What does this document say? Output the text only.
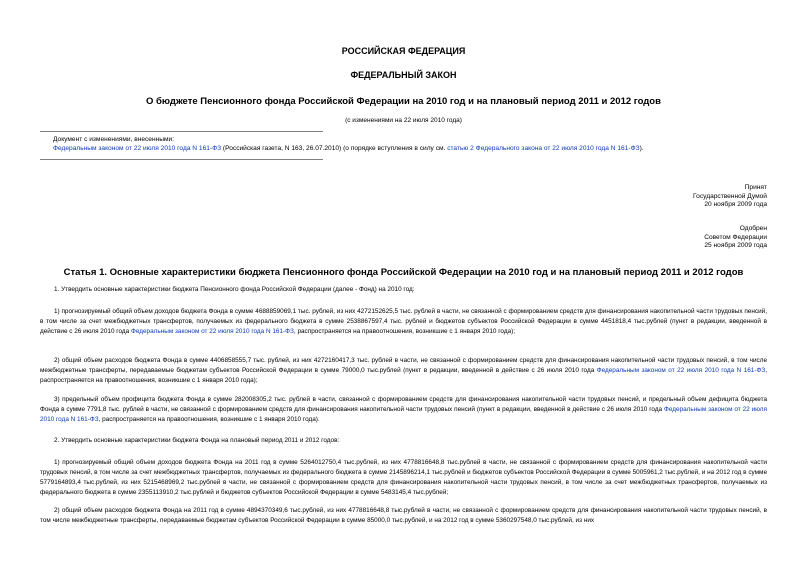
РОССИЙСКАЯ ФЕДЕРАЦИЯ

ФЕДЕРАЛЬНЫЙ ЗАКОН

О бюджете Пенсионного фонда Российской Федерации на 2010 год и на плановый период 2011 и 2012 годов

(с изменениями на 22 июля 2010 года)

Документ с изменениями, внесенными:

Федеральным законом от 22 июля 2010 года N 161-ФЗ (Российская газета, N 163, 26.07.2010) (о порядке вступления в силу см. статью 2 Федерального закона от 22 июля 2010 года N 161-ФЗ).

Принят
Государственной Думой
20 ноября 2009 года
Одобрен
Советом Федерации
25 ноября 2009 года

Статья 1. Основные характеристики бюджета Пенсионного фонда Российской Федерации на 2010 год и на плановый период 2011 и 2012 годов

1. Утвердить основные характеристики бюджета Пенсионного фонда Российской Федерации (далее - Фонд) на 2010 год:

1) прогнозируемый общий объем доходов бюджета Фонда в сумме 4688859069,1 тыс. рублей, из них 4272152625,5 тыс. рублей в части, не связанной с формированием средств для финансирования накопительной части трудовых пенсий, в том числе за счет межбюджетных трансфертов, получаемых из федерального бюджета в сумме 2538867597,4 тыс. рублей и бюджетов субъектов Российской Федерации в сумме 4451818,4 тыс.рублей (пункт в редакции, введенной в действие с 26 июля 2010 года Федеральным законом от 22 июля 2010 года N 161-ФЗ, распространяется на правоотношения, возникшие с 1 января 2010 года);

2) общий объем расходов бюджета Фонда в сумме 4406858555,7 тыс. рублей, из них 4272160417,3 тыс. рублей в части, не связанной с формированием средств для финансирования накопительной части трудовых пенсий, в том числе межбюджетные трансферты, передаваемые бюджетам субъектов Российской Федерации в сумме 79000,0 тыс.рублей (пункт в редакции, введенной в действие с 26 июля 2010 года Федеральным законом от 22 июля 2010 года N 161-ФЗ, распространяется на правоотношения, возникшие с 1 января 2010 года);

3) предельный объем профицита бюджета Фонда в сумме 282008305,2 тыс. рублей в части, связанной с формированием средств для финансирования накопительной части трудовых пенсий, и предельный объем дефицита бюджета Фонда в сумме 7791,8 тыс. рублей в части, не связанной с формированием средств для финансирования накопительной части трудовых пенсий (пункт в редакции, введенной в действие с 26 июля 2010 года Федеральным законом от 22 июля 2010 года N 161-ФЗ, распространяется на правоотношения, возникшие с 1 января 2010 года).

2. Утвердить основные характеристики бюджета Фонда на плановый период 2011 и 2012 годов:

1) прогнозируемый общий объем доходов бюджета Фонда на 2011 год в сумме 5264012750,4 тыс.рублей, из них 4778816648,8 тыс.рублей в части, не связанной с формированием средств для финансирования накопительной части трудовых пенсий, в том числе за счет межбюджетных трансфертов, получаемых из федерального бюджета в сумме 2145896214,1 тыс.рублей и бюджетов субъектов Российской Федерации в сумме 5005961,2 тыс.рублей, и на 2012 год в сумме 5779164893,4 тыс.рублей, из них 5215468969,2 тыс.рублей в части, не связанной с формированием средств для финансирования накопительной части трудовых пенсий, в том числе за счет межбюджетных трансфертов, получаемых из федерального бюджета в сумме 2355113910,2 тыс.рублей и бюджетов субъектов Российской Федерации в сумме 5483145,4 тыс.рублей;

2) общий объем расходов бюджета Фонда на 2011 год в сумме 4894370349,6 тыс.рублей, из них 4778816648,8 тыс.рублей в части, не связанной с формированием средств для финансирования накопительной части трудовых пенсий, в том числе межбюджетные трансферты, передаваемые бюджетам субъектов Российской Федерации в сумме 85000,0 тыс.рублей, и на 2012 год в сумме 5360297548,0 тыс.рублей, из них
